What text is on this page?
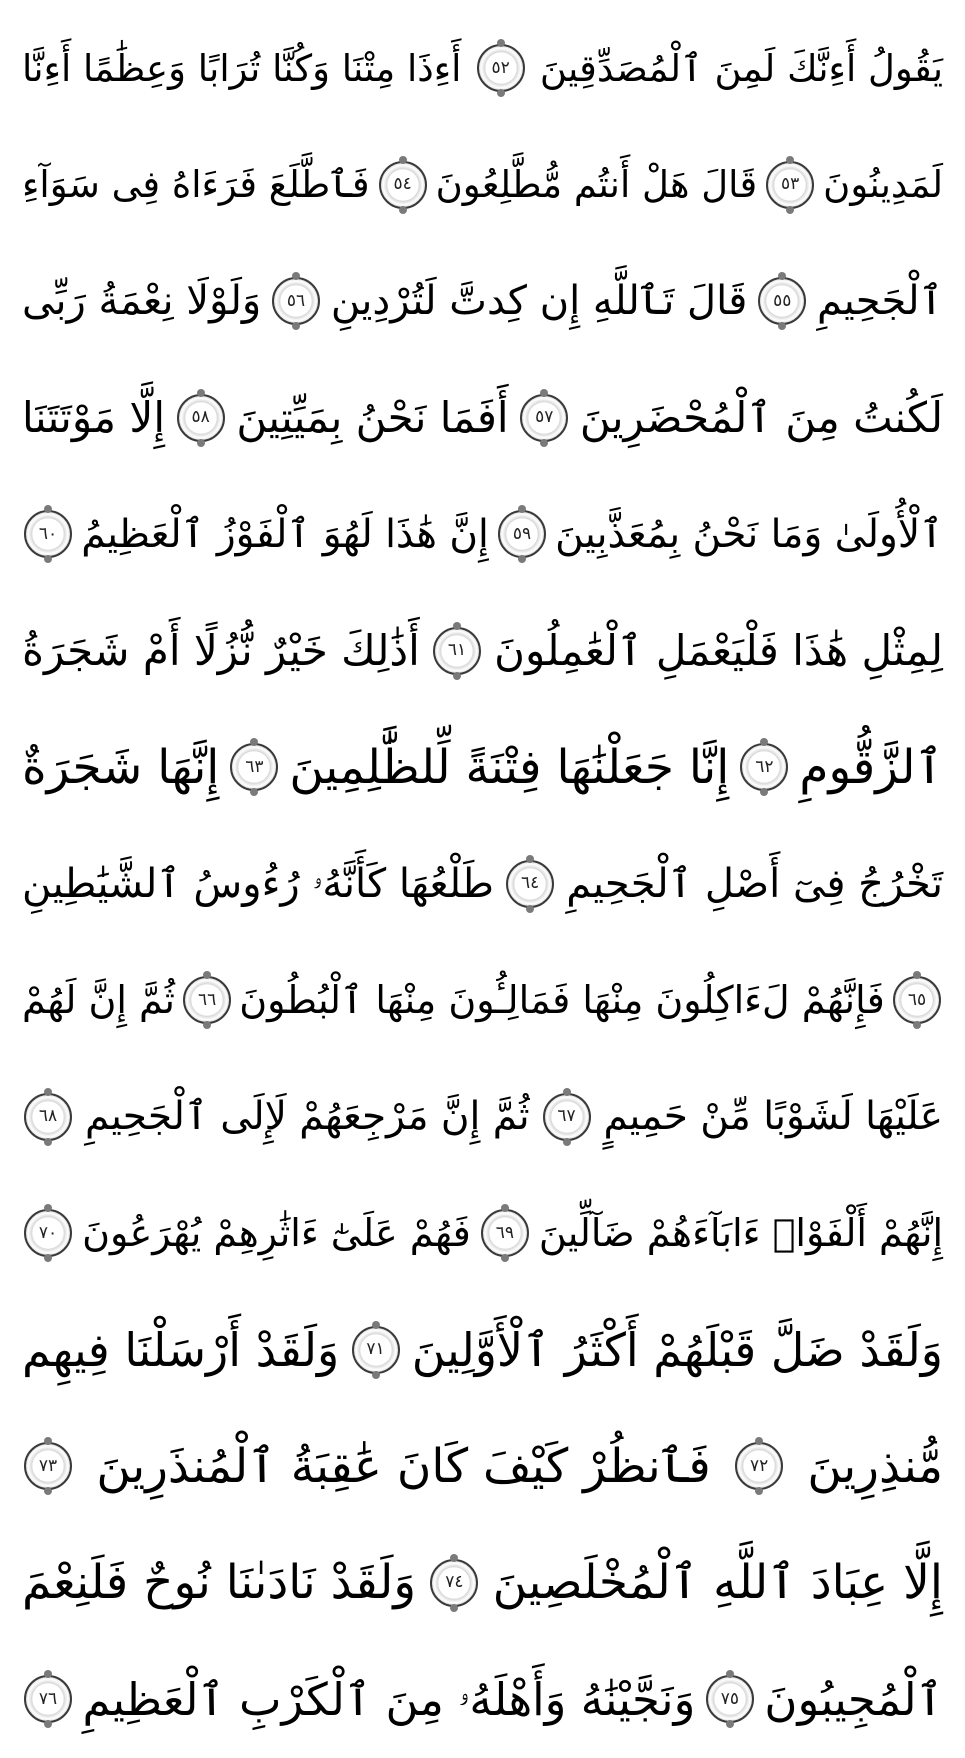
يَقُولُ أَءِنَّكَ لَمِنَ ٱلْمُصَدِّقِينَ
٥٢
أَءِذَا مِتْنَا وَكُنَّا تُرَابًا وَعِظَٰمًا أَءِنَّا
لَمَدِينُونَ
٥٣
قَالَ هَلْ أَنتُم مُّطَّلِعُونَ
٥٤
فَٱطَّلَعَ فَرَءَاهُ فِى سَوَآءِ
ٱلْجَحِيمِ
٥٥
قَالَ تَٱللَّهِ إِن كِدتَّ لَتُرْدِينِ
٥٦
وَلَوْلَا نِعْمَةُ رَبِّى
لَكُنتُ مِنَ ٱلْمُحْضَرِينَ
٥٧
أَفَمَا نَحْنُ بِمَيِّتِينَ
٥٨
إِلَّا مَوْتَتَنَا
ٱلْأُولَىٰ وَمَا نَحْنُ بِمُعَذَّبِينَ
٥٩
إِنَّ هَٰذَا لَهُوَ ٱلْفَوْزُ ٱلْعَظِيمُ
٦٠
لِمِثْلِ هَٰذَا فَلْيَعْمَلِ ٱلْعَٰمِلُونَ
٦١
أَذَٰلِكَ خَيْرٌ نُّزُلًا أَمْ شَجَرَةُ
ٱلزَّقُّومِ
٦٢
إِنَّا جَعَلْنَٰهَا فِتْنَةً لِّلظَّٰلِمِينَ
٦٣
إِنَّهَا شَجَرَةٌ
تَخْرُجُ فِىٓ أَصْلِ ٱلْجَحِيمِ
٦٤
طَلْعُهَا كَأَنَّهُۥ رُءُوسُ ٱلشَّيَٰطِينِ
٦٥
فَإِنَّهُمْ لَءَاكِلُونَ مِنْهَا فَمَالِـُٔونَ مِنْهَا ٱلْبُطُونَ
٦٦
ثُمَّ إِنَّ لَهُمْ
عَلَيْهَا لَشَوْبًا مِّنْ حَمِيمٍ
٦٧
ثُمَّ إِنَّ مَرْجِعَهُمْ لَإِلَى ٱلْجَحِيمِ
٦٨
إِنَّهُمْ أَلْفَوْا۟ ءَابَآءَهُمْ ضَآلِّينَ
٦٩
فَهُمْ عَلَىٰٓ ءَاثَٰرِهِمْ يُهْرَعُونَ
٧٠
وَلَقَدْ ضَلَّ قَبْلَهُمْ أَكْثَرُ ٱلْأَوَّلِينَ
٧١
وَلَقَدْ أَرْسَلْنَا فِيهِم
مُّنذِرِينَ
٧٢
فَٱنظُرْ كَيْفَ كَانَ عَٰقِبَةُ ٱلْمُنذَرِينَ
٧٣
إِلَّا عِبَادَ ٱللَّهِ ٱلْمُخْلَصِينَ
٧٤
وَلَقَدْ نَادَىٰنَا نُوحٌ فَلَنِعْمَ
ٱلْمُجِيبُونَ
٧٥
وَنَجَّيْنَٰهُ وَأَهْلَهُۥ مِنَ ٱلْكَرْبِ ٱلْعَظِيمِ
٧٦
